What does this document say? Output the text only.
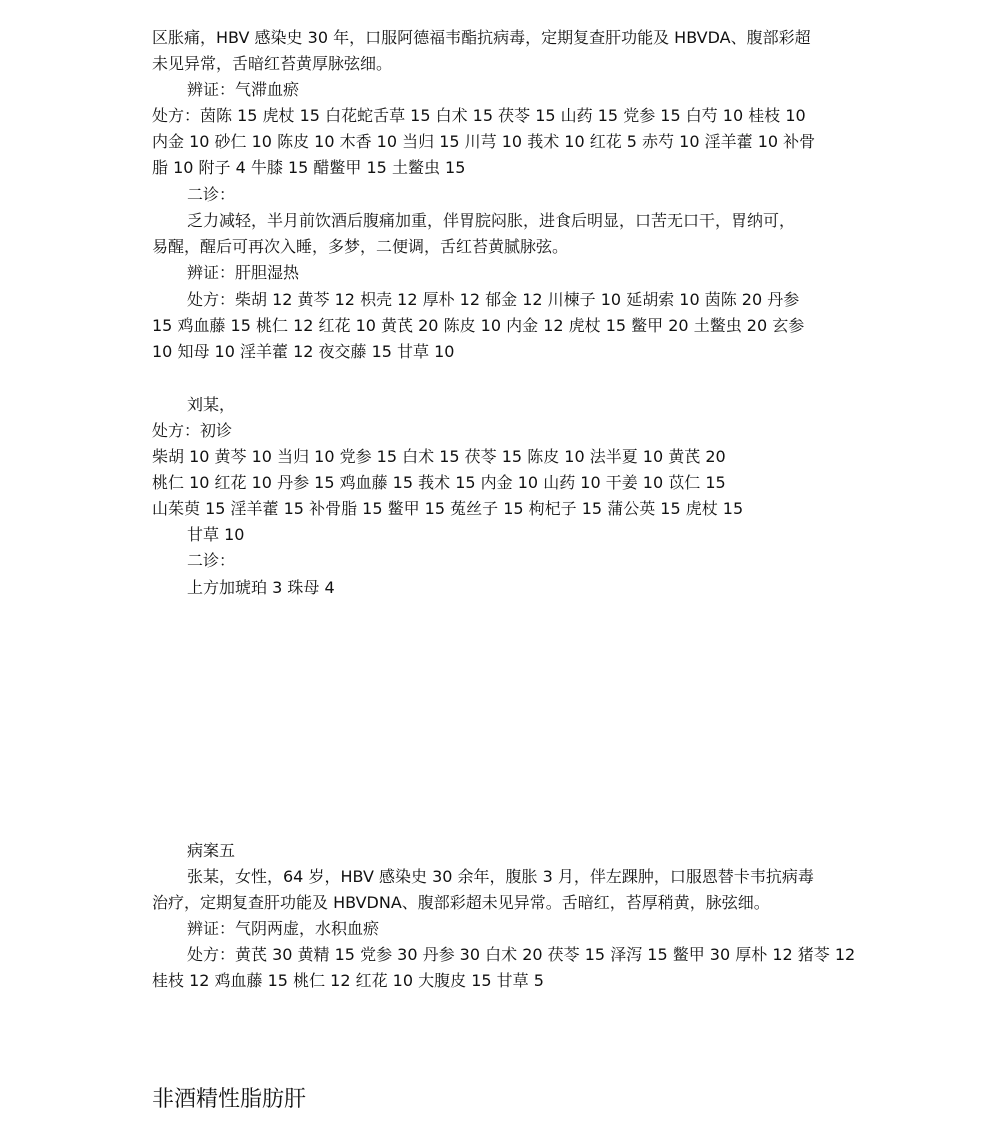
区胀痛，HBV 感染史 30 年，口服阿德福韦酯抗病毒，定期复查肝功能及 HBVDA、腹部彩超
未见异常，舌暗红苔黄厚脉弦细。
辨证：气滞血瘀
处方：茵陈 15 虎杖 15 白花蛇舌草 15 白术 15 茯苓 15 山药 15 党参 15 白芍 10 桂枝 10
内金 10 砂仁 10 陈皮 10 木香 10 当归 15 川芎 10 莪术 10 红花 5 赤芍 10 淫羊藿 10 补骨
脂 10 附子 4 牛膝 15 醋鳖甲 15 土鳖虫 15
二诊：
乏力减轻，半月前饮酒后腹痛加重，伴胃脘闷胀，进食后明显，口苦无口干，胃纳可，
易醒，醒后可再次入睡，多梦，二便调，舌红苔黄腻脉弦。
辨证：肝胆湿热
处方：柴胡 12 黄芩 12 枳壳 12 厚朴 12 郁金 12 川楝子 10 延胡索 10 茵陈 20 丹参
15 鸡血藤 15 桃仁 12 红花 10 黄芪 20 陈皮 10 内金 12 虎杖 15 鳖甲 20 土鳖虫 20 玄参
10 知母 10 淫羊藿 12 夜交藤 15 甘草 10
刘某，
处方：初诊
柴胡 10 黄芩 10 当归 10 党参 15 白术 15 茯苓 15 陈皮 10 法半夏 10 黄芪 20
桃仁 10 红花 10 丹参 15 鸡血藤 15 莪术 15 内金 10 山药 10 干姜 10 苡仁 15
山茱萸 15 淫羊藿 15 补骨脂 15 鳖甲 15 菟丝子 15 枸杞子 15 蒲公英 15 虎杖 15
甘草 10
二诊：
上方加琥珀 3 珠母 4
病案五
张某，女性，64 岁，HBV 感染史 30 余年，腹胀 3 月，伴左踝肿，口服恩替卡韦抗病毒
治疗，定期复查肝功能及 HBVDNA、腹部彩超未见异常。舌暗红，苔厚稍黄，脉弦细。
辨证：气阴两虚，水积血瘀
处方：黄芪 30 黄精 15 党参 30 丹参 30 白术 20 茯苓 15 泽泻 15 鳖甲 30 厚朴 12 猪苓 12
桂枝 12 鸡血藤 15 桃仁 12 红花 10 大腹皮 15 甘草 5
非酒精性脂肪肝
